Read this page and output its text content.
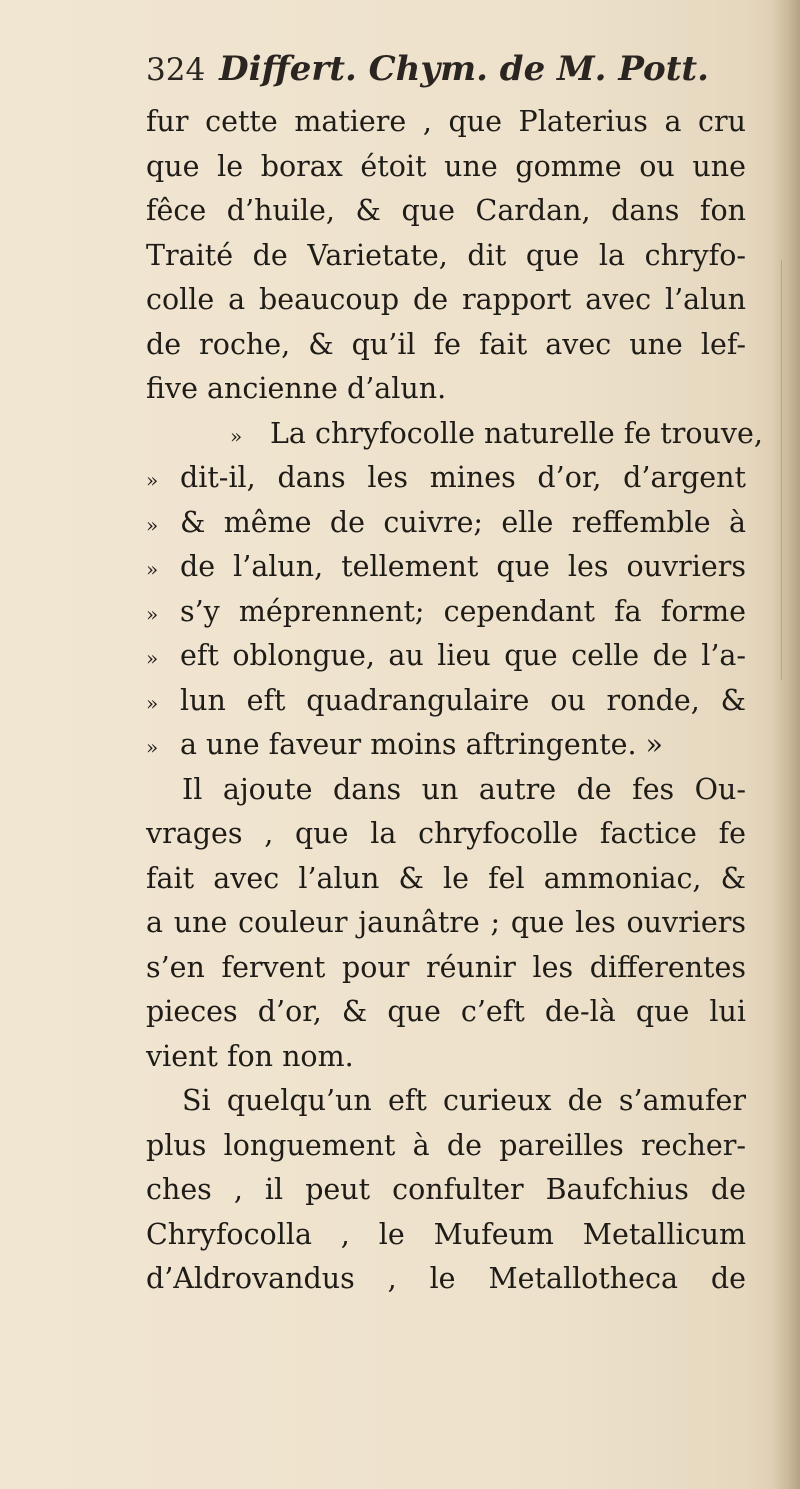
324 Differt. Chym. de M. Pott.
fur cette matiere , que Platerius a cru
que le borax étoit une gomme ou une
fêce d’huile, & que Cardan, dans fon
Traité de Varietate, dit que la chryfo-
colle a beaucoup de rapport avec l’alun
de roche, & qu’il fe fait avec une lef-
five ancienne d’alun.
» La chryfocolle naturelle fe trouve,
» dit-il, dans les mines d’or, d’argent
» & même de cuivre; elle reffemble à
» de l’alun, tellement que les ouvriers
» s’y méprennent; cependant fa forme
» eft oblongue, au lieu que celle de l’a-
» lun eft quadrangulaire ou ronde, &
» a une faveur moins aftringente. »
Il ajoute dans un autre de fes Ou-
vrages , que la chryfocolle factice fe
fait avec l’alun & le fel ammoniac, &
a une couleur jaunâtre ; que les ouvriers
s’en fervent pour réunir les differentes
pieces d’or, & que c’eft de-là que lui
vient fon nom.
Si quelqu’un eft curieux de s’amufer
plus longuement à de pareilles recher-
ches , il peut confulter Baufchius de
Chryfocolla , le Mufeum Metallicum
d’Aldrovandus , le Metallotheca de
